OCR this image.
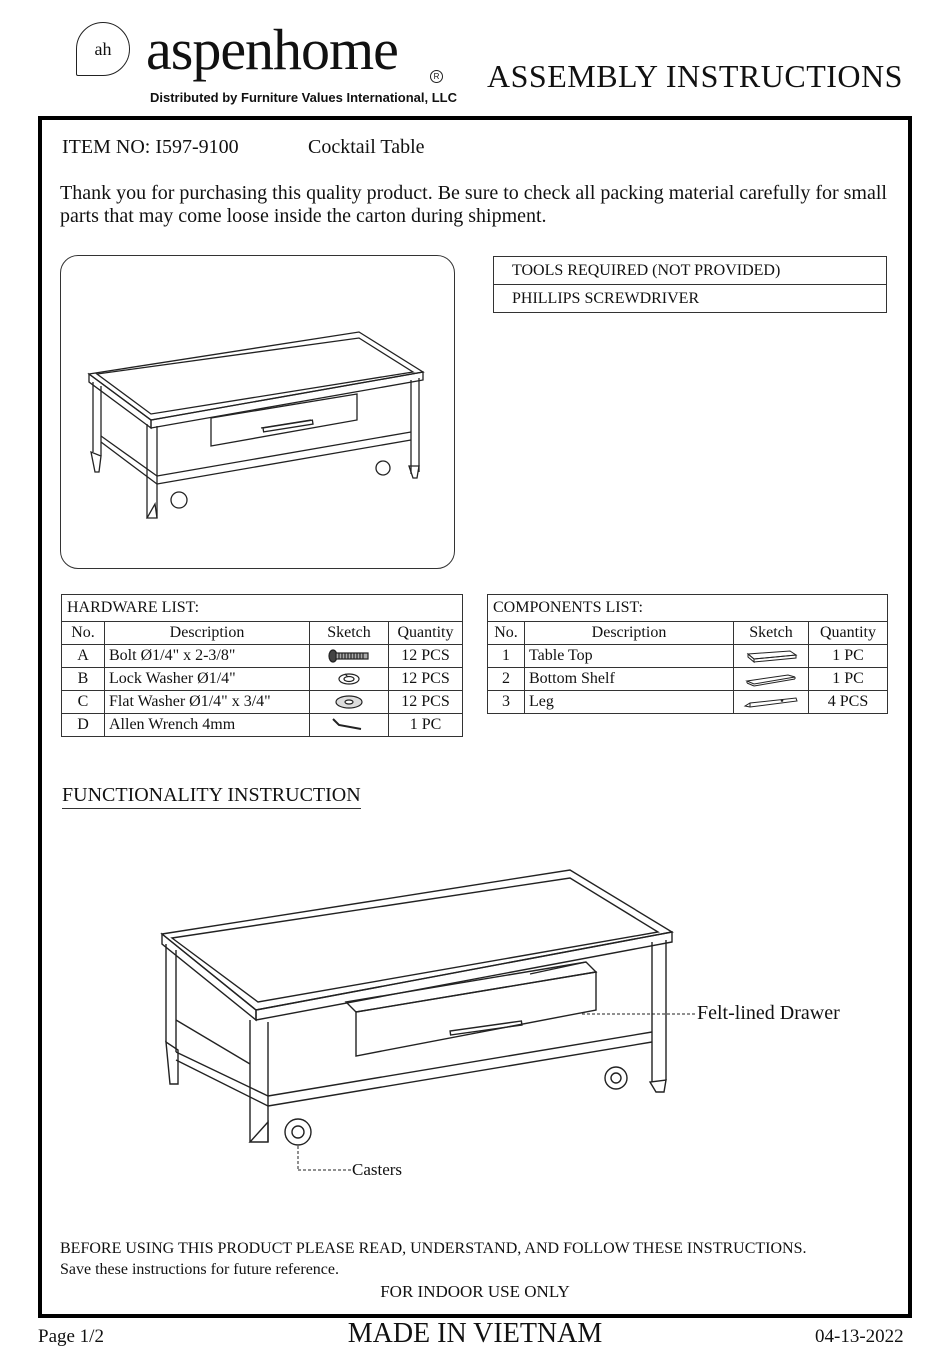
ah aspenhome	R
Distributed by Furniture Values International, LLC
ASSEMBLY INSTRUCTIONS
ITEM NO: I597-9100	Cocktail Table
Thank you for purchasing this quality product. Be sure to check all packing material carefully for small parts that may come loose inside the carton during shipment.
TOOLS REQUIRED (NOT PROVIDED)
PHILLIPS SCREWDRIVER
HARDWARE LIST:			
No.	Description	Sketch	Quantity
A	Bolt Ø1/4" x 2-3/8"		12 PCS
B	Lock Washer Ø1/4"		12 PCS
C	Flat Washer Ø1/4" x 3/4"		12 PCS
D	Allen Wrench 4mm		1 PC
COMPONENTS LIST:			
No.	Description	Sketch	Quantity
1	Table Top		1 PC
2	Bottom Shelf		1 PC
3	Leg		4 PCS
FUNCTIONALITY INSTRUCTION
Felt-lined Drawer
Casters
BEFORE USING THIS PRODUCT PLEASE READ, UNDERSTAND, AND FOLLOW THESE INSTRUCTIONS.
Save these instructions for future reference.
FOR INDOOR USE ONLY
Page 1/2	MADE IN VIETNAM	04-13-2022
